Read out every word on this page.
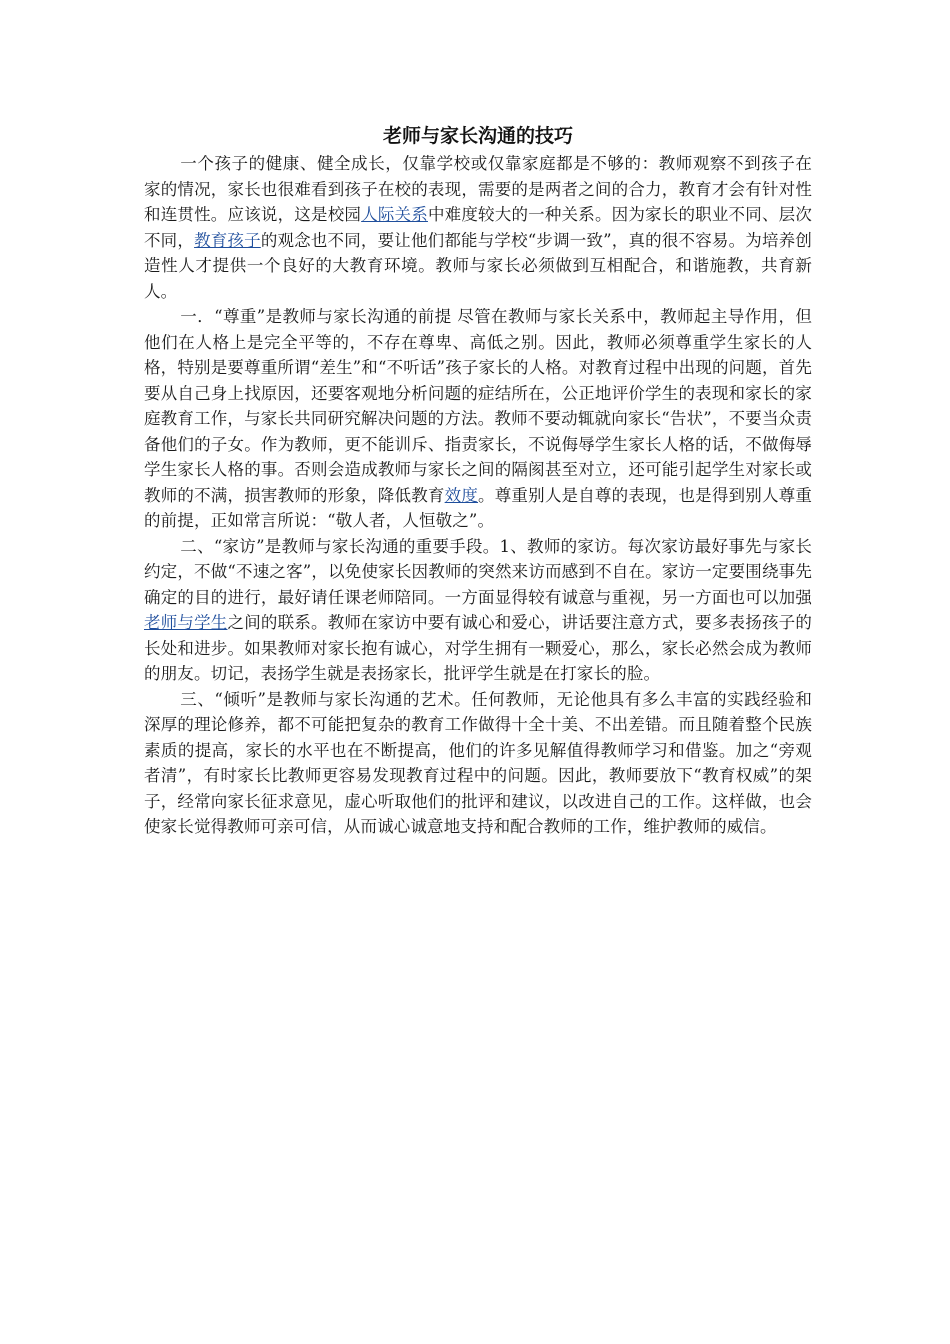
老师与家长沟通的技巧

一个孩子的健康、健全成长，仅靠学校或仅靠家庭都是不够的：教师观察不到孩子在家的情况，家长也很难看到孩子在校的表现，需要的是两者之间的合力，教育才会有针对性和连贯性。应该说，这是校园人际关系中难度较大的一种关系。因为家长的职业不同、层次不同，教育孩子的观念也不同，要让他们都能与学校“步调一致”，真的很不容易。为培养创造性人才提供一个良好的大教育环境。教师与家长必须做到互相配合，和谐施教，共育新人。

一．“尊重”是教师与家长沟通的前提 尽管在教师与家长关系中，教师起主导作用，但他们在人格上是完全平等的，不存在尊卑、高低之别。因此，教师必须尊重学生家长的人格，特别是要尊重所谓“差生”和“不听话”孩子家长的人格。对教育过程中出现的问题，首先要从自己身上找原因，还要客观地分析问题的症结所在，公正地评价学生的表现和家长的家庭教育工作，与家长共同研究解决问题的方法。教师不要动辄就向家长“告状”，不要当众责备他们的子女。作为教师，更不能训斥、指责家长，不说侮辱学生家长人格的话，不做侮辱学生家长人格的事。否则会造成教师与家长之间的隔阂甚至对立，还可能引起学生对家长或教师的不满，损害教师的形象，降低教育效度。尊重别人是自尊的表现，也是得到别人尊重的前提，正如常言所说：“敬人者，人恒敬之”。

二、“家访”是教师与家长沟通的重要手段。1、教师的家访。每次家访最好事先与家长约定，不做“不速之客”，以免使家长因教师的突然来访而感到不自在。家访一定要围绕事先确定的目的进行，最好请任课老师陪同。一方面显得较有诚意与重视，另一方面也可以加强老师与学生之间的联系。教师在家访中要有诚心和爱心，讲话要注意方式，要多表扬孩子的长处和进步。如果教师对家长抱有诚心，对学生拥有一颗爱心，那么，家长必然会成为教师的朋友。切记，表扬学生就是表扬家长，批评学生就是在打家长的脸。

三、“倾听”是教师与家长沟通的艺术。任何教师，无论他具有多么丰富的实践经验和深厚的理论修养，都不可能把复杂的教育工作做得十全十美、不出差错。而且随着整个民族素质的提高，家长的水平也在不断提高，他们的许多见解值得教师学习和借鉴。加之“旁观者清”，有时家长比教师更容易发现教育过程中的问题。因此，教师要放下“教育权威”的架子，经常向家长征求意见，虚心听取他们的批评和建议，以改进自己的工作。这样做，也会使家长觉得教师可亲可信，从而诚心诚意地支持和配合教师的工作，维护教师的威信。
